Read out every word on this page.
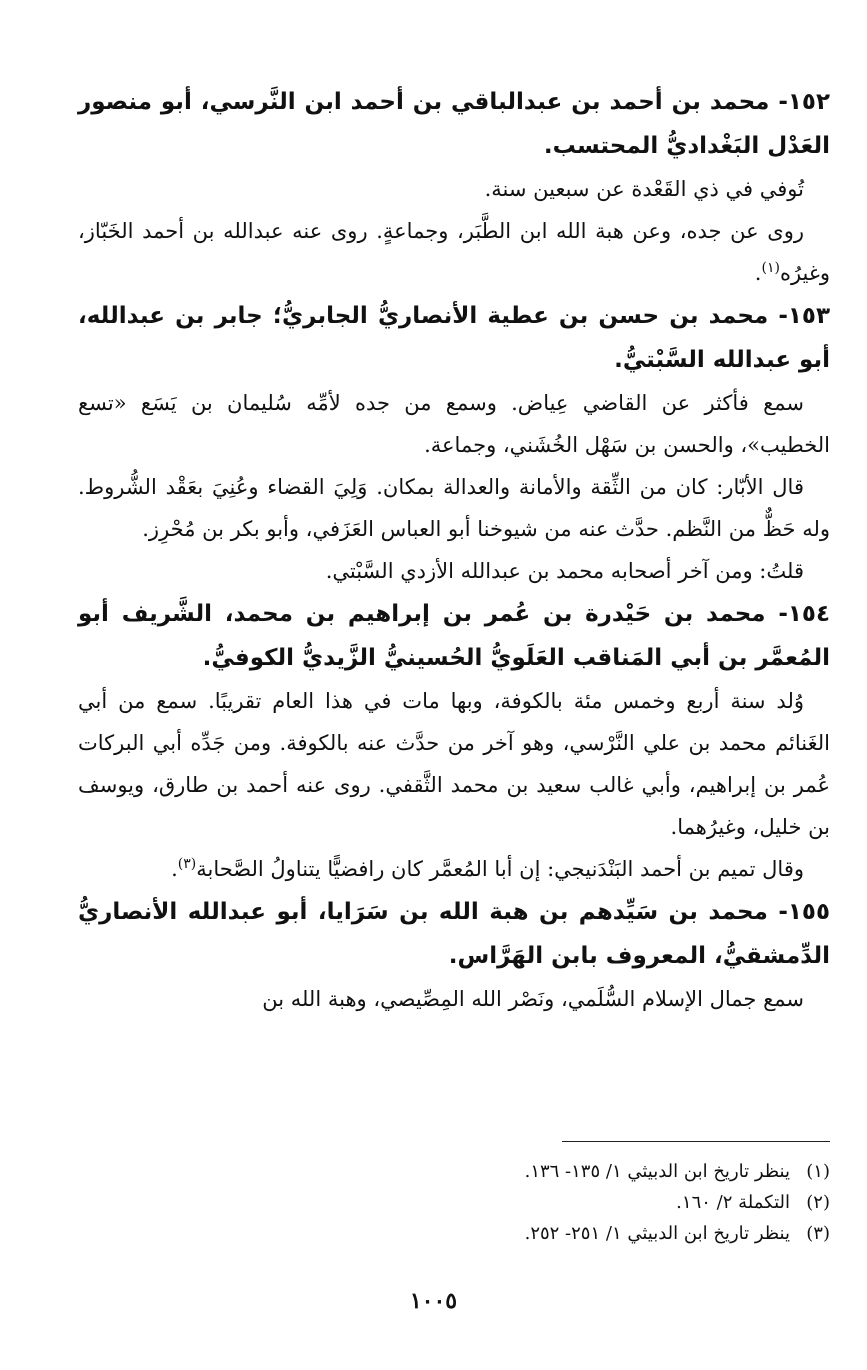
١٥٢- محمد بن أحمد بن عبدالباقي بن أحمد ابن النَّرسي، أبو منصور العَدْل البَغْداديُّ المحتسب.

تُوفي في ذي القَعْدة عن سبعين سنة.

روى عن جده، وعن هبة الله ابن الطَّبَر، وجماعةٍ. روى عنه عبدالله بن أحمد الخَبّاز، وغيرُه$^{(١)}$.

١٥٣- محمد بن حسن بن عطية الأنصاريُّ الجابريُّ؛ جابر بن عبدالله، أبو عبدالله السَّبْتيُّ.

سمع فأكثر عن القاضي عِياض. وسمع من جده لأمِّه سُليمان بن يَسَع «تسع الخطيب»، والحسن بن سَهْل الخُشَني، وجماعة.

قال الأبّار: كان من الثِّقة والأمانة والعدالة بمكان. وَلِيَ القضاء وعُنِيَ بعَقْد الشُّروط. وله حَظٌّ من النَّظم. حدَّث عنه من شيوخنا أبو العباس العَزَفي، وأبو بكر بن مُحْرِز.

قلتُ: ومن آخر أصحابه محمد بن عبدالله الأزدي السَّبْتي.

١٥٤- محمد بن حَيْدرة بن عُمر بن إبراهيم بن محمد، الشَّريف أبو المُعمَّر بن أبي المَناقب العَلَويُّ الحُسينيُّ الزَّيديُّ الكوفيُّ.

وُلد سنة أربع وخمس مئة بالكوفة، وبها مات في هذا العام تقريبًا. سمع من أبي الغَنائم محمد بن علي النَّرْسي، وهو آخر من حدَّث عنه بالكوفة. ومن جَدِّه أبي البركات عُمر بن إبراهيم، وأبي غالب سعيد بن محمد الثَّقفي. روى عنه أحمد بن طارق، ويوسف بن خليل، وغيرُهما.

وقال تميم بن أحمد البَنْدَنيجي: إن أبا المُعمَّر كان رافضيًّا يتناولُ الصَّحابة$^{(٣)}$.

١٥٥- محمد بن سَيِّدهم بن هبة الله بن سَرَايا، أبو عبدالله الأنصاريُّ الدِّمشقيُّ، المعروف بابن الهَرَّاس.

سمع جمال الإسلام السُّلَمي، ونَصْر الله المِصِّيصي، وهبة الله بن

(١)
ينظر تاريخ ابن الدبيثي ١/ ١٣٥- ١٣٦.

(٢)
التكملة ٢/ ١٦٠.

(٣)
ينظر تاريخ ابن الدبيثي ١/ ٢٥١- ٢٥٢.

١٠٠٥
